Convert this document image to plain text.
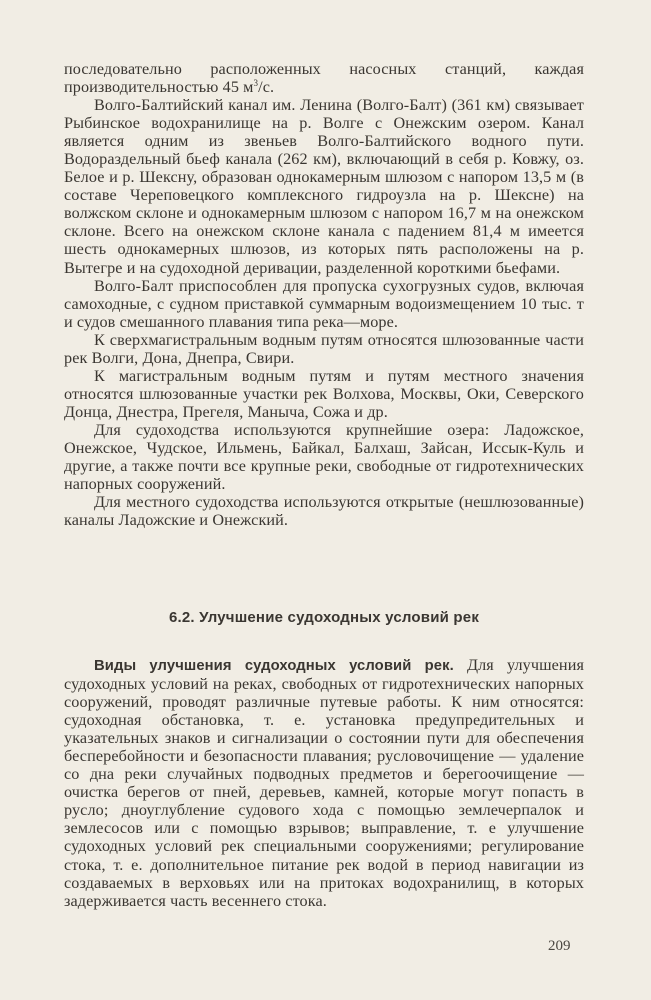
последовательно расположенных насосных станций, каждая производительностью 45 $м^3/с$.

Волго-Балтийский канал им. Ленина (Волго-Балт) (361 км) связывает Рыбинское водохранилище на р. Волге с Онежским озером. Канал является одним из звеньев Волго-Балтийского водного пути. Водораздельный бьеф канала (262 км), включающий в себя р. Ковжу, оз. Белое и р. Шексну, образован однокамерным шлюзом с напором 13,5 м (в составе Череповецкого комплексного гидроузла на р. Шексне) на волжском склоне и однокамерным шлюзом с напором 16,7 м на онежском склоне. Всего на онежском склоне канала с падением 81,4 м имеется шесть однокамерных шлюзов, из которых пять расположены на р. Вытегре и на судоходной деривации, разделенной короткими бьефами.

Волго-Балт приспособлен для пропуска сухогрузных судов, включая самоходные, с судном приставкой суммарным водоизмещением 10 тыс. т и судов смешанного плавания типа река—море.

К сверхмагистральным водным путям относятся шлюзованные части рек Волги, Дона, Днепра, Свири.

К магистральным водным путям и путям местного значения относятся шлюзованные участки рек Волхова, Москвы, Оки, Северского Донца, Днестра, Прегеля, Маныча, Сожа и др.

Для судоходства используются крупнейшие озера: Ладожское, Онежское, Чудское, Ильмень, Байкал, Балхаш, Зайсан, Иссык-Куль и другие, а также почти все крупные реки, свободные от гидротехнических напорных сооружений.

Для местного судоходства используются открытые (нешлюзованные) каналы Ладожские и Онежский.

6.2. Улучшение судоходных условий рек

Виды улучшения судоходных условий рек. Для улучшения судоходных условий на реках, свободных от гидротехнических напорных сооружений, проводят различные путевые работы. К ним относятся: судоходная обстановка, т. е. установка предупредительных и указательных знаков и сигнализации о состоянии пути для обеспечения бесперебойности и безопасности плавания; русловочищение — удаление со дна реки случайных подводных предметов и берегоочищение — очистка берегов от пней, деревьев, камней, которые могут попасть в русло; дноуглубление судового хода с помощью землечерпалок и землесосов или с помощью взрывов; выправление, т. е улучшение судоходных условий рек специальными сооружениями; регулирование стока, т. е. дополнительное питание рек водой в период навигации из создаваемых в верховьях или на притоках водохранилищ, в которых задерживается часть весеннего стока.

209
